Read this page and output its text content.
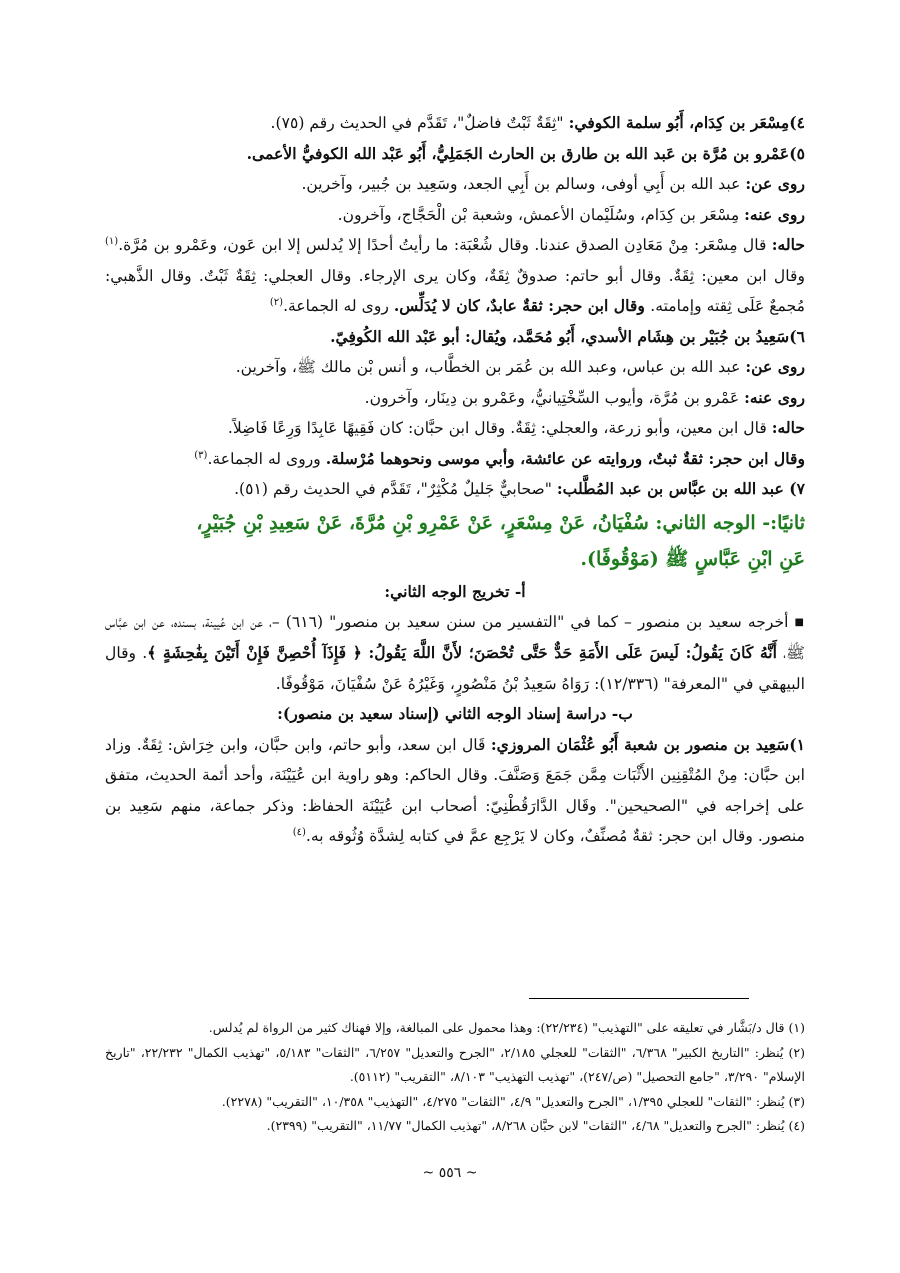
٤)مِسْعَر بن كِدَام، أَبُو سلمة الكوفي: "ثِقَةٌ ثَبْتٌ فاضلٌ"، تَقَدَّم في الحديث رقم (٧٥).

٥)عَمْرو بن مُرَّة بن عَبد الله بن طارق بن الحارث الجَمَلِيُّ، أَبُو عَبْد الله الكوفيُّ الأعمى.

روى عن: عبد الله بن أَبِي أوفى، وسالم بن أَبِي الجعد، وسَعِيد بن جُبير، وآخرين.

روى عنه: مِسْعَر بن كِدَام، وسُلَيْمان الأعمش، وشعبة بْن الْحَجَّاج، وآخرون.

حاله: قال مِسْعَر: مِنْ مَعَادِن الصدق عندنا. وقال شُعْبَة: ما رأيتُ أحدًا إلا يُدلس إلا ابن عَون، وعَمْرو بن مُرَّة.$^{(١)}$ وقال ابن معين: ثِقَةٌ. وقال أبو حاتم: صدوقٌ ثِقَةٌ، وكان يرى الإرجاء. وقال العجلي: ثِقَةٌ ثَبْتٌ. وقال الذَّهبي: مُجمعٌ عَلَى ثِقته وإمامته. وقال ابن حجر: ثقةٌ عابدٌ، كان لا يُدَلِّس. روى له الجماعة.$^{(٢)}$

٦)سَعِيدُ بن جُبَيْر بن هِشَام الأسدي، أَبُو مُحَمَّد، ويُقال: أبو عَبْد الله الكُوفِيّ.

روى عن: عبد الله بن عباس، وعبد الله بن عُمَر بن الخطَّاب، و أنس بْن مالك ﷺ، وآخرين.

روى عنه: عَمْرو بن مُرَّة، وأيوب السِّخْتِيانيُّ، وعَمْرو بن دِينَار، وآخرون.

حاله: قال ابن معين، وأبو زرعة، والعجلي: ثِقَةٌ. وقال ابن حبَّان: كان فَقِيهًا عَابِدًا وَرِعًا فَاضِلاً.

وقال ابن حجر: ثقةٌ ثبتٌ، وروايته عن عائشة، وأبي موسى ونحوهما مُرْسلة. وروى له الجماعة.$^{(٣)}$

٧) عبد الله بن عبَّاس بن عبد المُطَّلب: "صحابيٌّ جَليلٌ مُكْثِرٌ"، تَقَدَّم في الحديث رقم (٥١).

ثانيًا:- الوجه الثاني: سُفْيَانُ، عَنْ مِسْعَرٍ، عَنْ عَمْرِو بْنِ مُرَّةَ، عَنْ سَعِيدِ بْنِ جُبَيْرٍ،

عَنِ ابْنِ عَبَّاسٍ ﷺ (مَوْقُوفًا).

أ- تخريج الوجه الثاني:

■أخرجه سعيد بن منصور – كما في "التفسير من سنن سعيد بن منصور" (٦١٦) –، عن ابن عُيينة، بسنده، عن ابن عبَّاس ﷺ، أَنَّهُ كَانَ يَقُولُ: لَيسَ عَلَى الأَمَةِ حَدٌّ حَتَّى تُحْصَنَ؛ لأَنَّ اللَّهَ يَقُولُ: ﴿ فَإِذَآ أُحْصِنَّ فَإِنْ أَتَيْنَ بِفَٰحِشَةٍ ﴾. وقال البيهقي في "المعرفة" (١٢/٣٣٦): رَوَاهُ سَعِيدُ بْنُ مَنْصُورٍ، وَغَيْرُهُ عَنْ سُفْيَانَ، مَوْقُوفًا.

ب- دراسة إسناد الوجه الثاني (إسناد سعيد بن منصور):

١)سَعِيد بن منصور بن شعبة أَبُو عُثْمَان المروزي: قَال ابن سعد، وأبو حاتم، وابن حبَّان، وابن خِرَاش: ثِقَةٌ. وزاد ابن حبَّان: مِنْ المُتْقِنِين الأَثْبَات مِمَّن جَمَعَ وَصَنَّفَ. وقال الحاكم: وهو راوية ابن عُيَيْنَة، وأحد أئمة الحديث، متفق على إخراجه في "الصحيحين". وقَال الدَّارَقُطْنِيّ: أصحاب ابن عُيَيْنَة الحفاظ: وذكر جماعة، منهم سَعِيد بن منصور. وقال ابن حجر: ثقةٌ مُصنِّفٌ، وكان لا يَرْجِع عمَّ في كتابه لِشدَّة وُثُوقه به.$^{(٤)}$

(١) قال د/بَشَّار في تعليقه على "التهذيب" (٢٢/٢٣٤): وهذا محمول على المبالغة، وإلا فهناك كثير من الرواة لم يُدلس.

(٢) يُنظر: "التاريخ الكبير" ٦/٣٦٨، "الثقات" للعجلي ٢/١٨٥، "الجرح والتعديل" ٦/٢٥٧، "الثقات" ٥/١٨٣، "تهذيب الكمال" ٢٢/٢٣٢، "تاريخ الإسلام" ٣/٢٩٠، "جامع التحصيل" (ص/٢٤٧)، "تهذيب التهذيب" ٨/١٠٣، "التقريب" (٥١١٢).

(٣) يُنظر: "الثقات" للعجلي ١/٣٩٥، "الجرح والتعديل" ٤/٩، "الثقات" ٤/٢٧٥، "التهذيب" ١٠/٣٥٨، "التقريب" (٢٢٧٨).

(٤) يُنظر: "الجرح والتعديل" ٤/٦٨، "الثقات" لابن حبَّان ٨/٢٦٨، "تهذيب الكمال" ١١/٧٧، "التقريب" (٢٣٩٩).

~ ٥٥٦ ~
